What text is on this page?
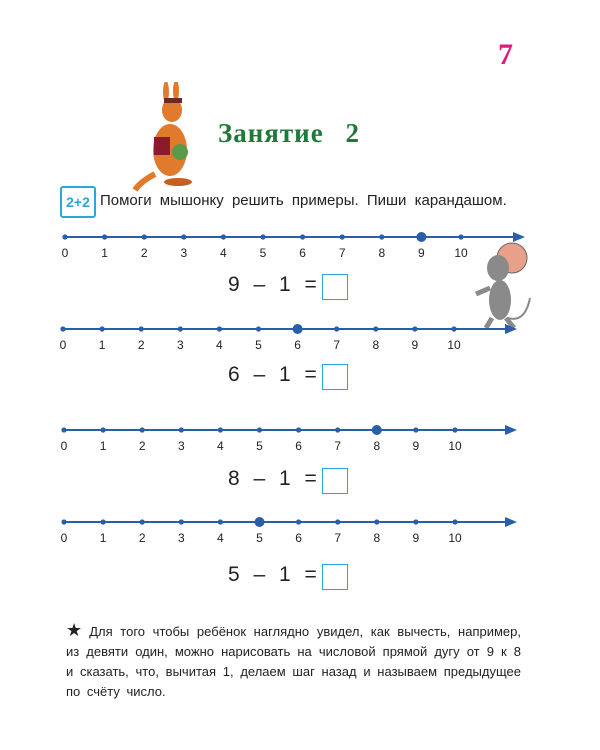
7
Занятие 2
2+2 Помоги мышонку решить примеры. Пиши карандашом.
0	1	2	3	4	5	6	7	8	9 10
9 – 1 =
0	1	2	3	4	5	6	7	8	9 10
6 – 1 =
0	1	2	3	4	5	6	7	8	9 10
8 – 1 =
0	1	2	3	4	5	6	7	8	9 10
5 – 1 =
★ Для того чтобы ребёнок наглядно увидел, как вычесть, например, из девяти один, можно нарисовать на числовой прямой дугу от 9 к 8 и сказать, что, вычитая 1, делаем шаг назад и называем предыдущее по счёту число.
